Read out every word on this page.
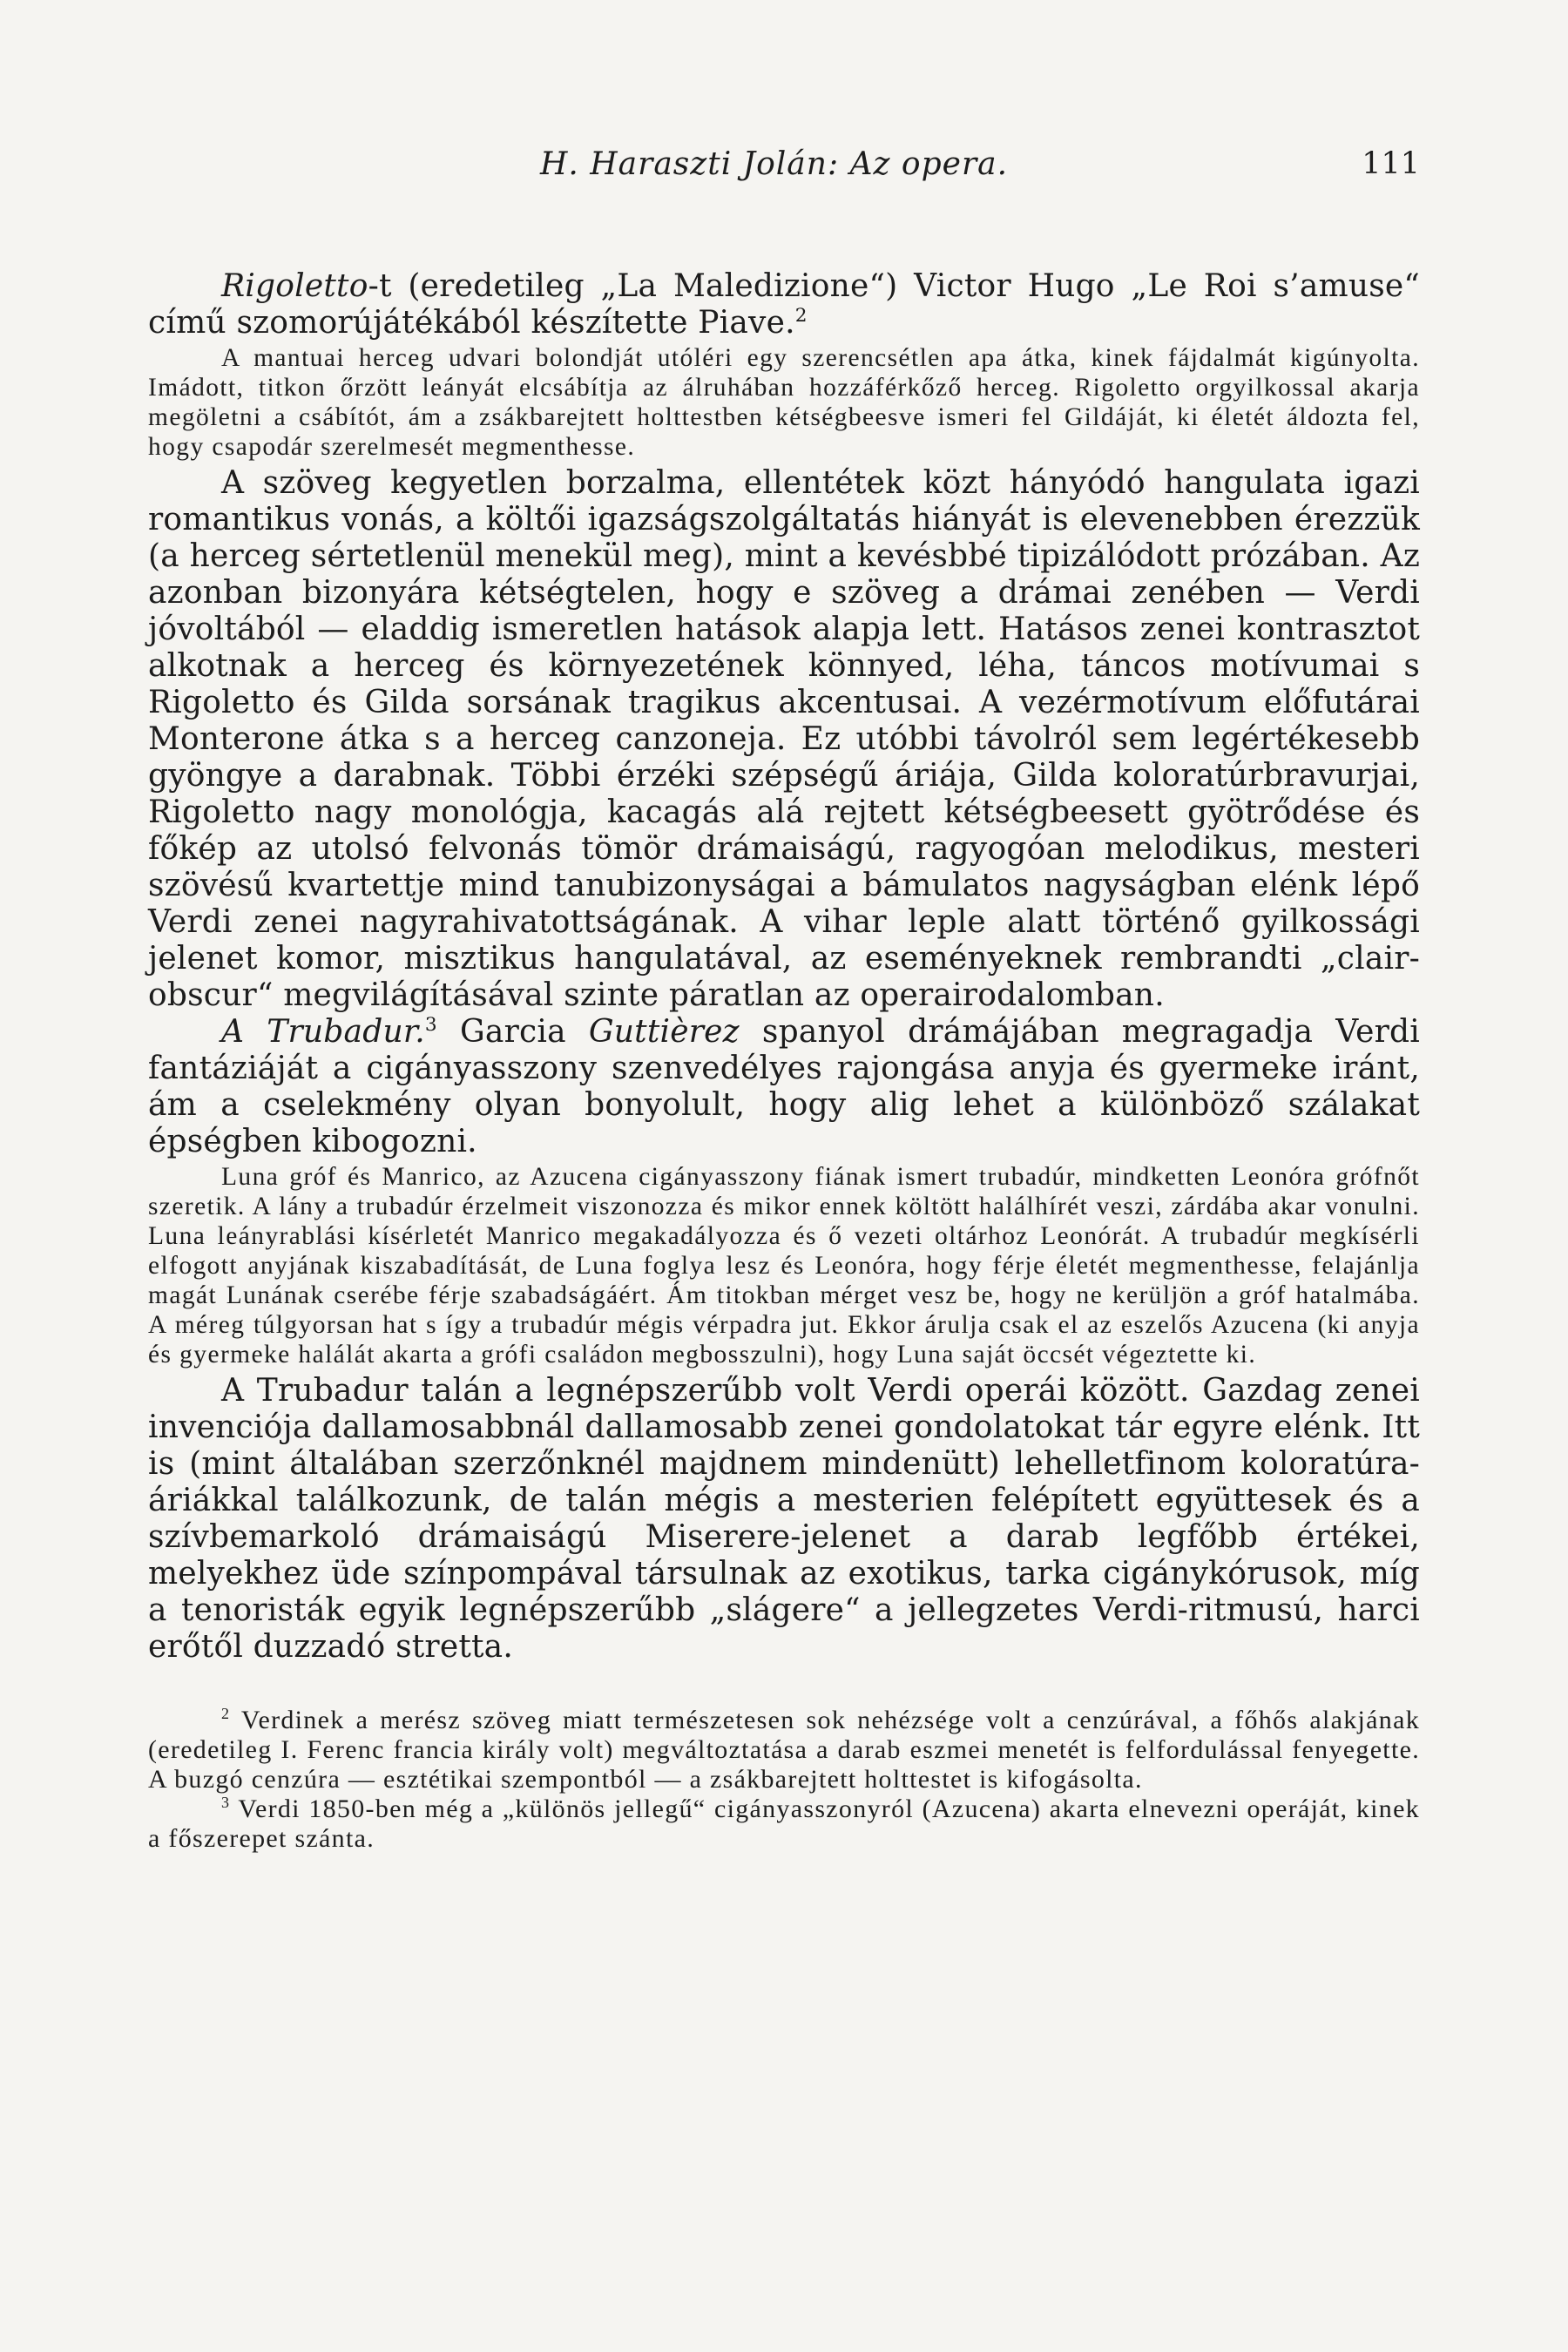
H. Haraszti Jolán: Az opera.	111

Rigoletto-t (eredetileg „La Maledizione“) Victor Hugo „Le Roi s’amuse“ című szomorújátékából készítette Piave.$^2$

A mantuai herceg udvari bolondját utóléri egy szerencsétlen apa átka, kinek fájdalmát kigúnyolta. Imádott, titkon őrzött leányát elcsábítja az álruhában hozzáférkőző herceg. Rigoletto orgyilkossal akarja megöletni a csábítót, ám a zsákbarejtett holttestben kétségbeesve ismeri fel Gildáját, ki életét áldozta fel, hogy csapodár szerelmesét megmenthesse.

A szöveg kegyetlen borzalma, ellentétek közt hányódó hangulata igazi romantikus vonás, a költői igazságszolgáltatás hiányát is elevenebben érezzük (a herceg sértetlenül menekül meg), mint a kevésbbé tipizálódott prózában. Az azonban bizonyára kétségtelen, hogy e szöveg a drámai zenében — Verdi jóvoltából — eladdig ismeretlen hatások alapja lett. Hatásos zenei kontrasztot alkotnak a herceg és környezetének könnyed, léha, táncos motívumai s Rigoletto és Gilda sorsának tragikus akcentusai. A vezérmotívum előfutárai Monterone átka s a herceg canzoneja. Ez utóbbi távolról sem legértékesebb gyöngye a darabnak. Többi érzéki szépségű áriája, Gilda koloratúrbravurjai, Rigoletto nagy monológja, kacagás alá rejtett kétségbeesett gyötrődése és főkép az utolsó felvonás tömör drámaiságú, ragyogóan melodikus, mesteri szövésű kvartettje mind tanubizonyságai a bámulatos nagyságban elénk lépő Verdi zenei nagyrahivatottságának. A vihar leple alatt történő gyilkossági jelenet komor, misztikus hangulatával, az eseményeknek rembrandti „clair-obscur“ megvilágításával szinte páratlan az operairodalomban.

A Trubadur.$^3$ Garcia Guttièrez spanyol drámájában megragadja Verdi fantáziáját a cigányasszony szenvedélyes rajongása anyja és gyermeke iránt, ám a cselekmény olyan bonyolult, hogy alig lehet a különböző szálakat épségben kibogozni.

Luna gróf és Manrico, az Azucena cigányasszony fiának ismert trubadúr, mindketten Leonóra grófnőt szeretik. A lány a trubadúr érzelmeit viszonozza és mikor ennek költött halálhírét veszi, zárdába akar vonulni. Luna leányrablási kísérletét Manrico megakadályozza és ő vezeti oltárhoz Leonórát. A trubadúr megkísérli elfogott anyjának kiszabadítását, de Luna foglya lesz és Leonóra, hogy férje életét megmenthesse, felajánlja magát Lunának cserébe férje szabadságáért. Ám titokban mérget vesz be, hogy ne kerüljön a gróf hatalmába. A méreg túlgyorsan hat s így a trubadúr mégis vérpadra jut. Ekkor árulja csak el az eszelős Azucena (ki anyja és gyermeke halálát akarta a grófi családon megbosszulni), hogy Luna saját öccsét végeztette ki.

A Trubadur talán a legnépszerűbb volt Verdi operái között. Gazdag zenei invenciója dallamosabbnál dallamosabb zenei gondolatokat tár egyre elénk. Itt is (mint általában szerzőnknél majdnem mindenütt) lehelletfinom koloratúra-áriákkal találkozunk, de talán mégis a mesterien felépített együttesek és a szívbemarkoló drámaiságú Miserere-jelenet a darab legfőbb értékei, melyekhez üde színpompával társulnak az exotikus, tarka cigánykórusok, míg a tenoristák egyik legnépszerűbb „slágere“ a jellegzetes Verdi-ritmusú, harci erőtől duzzadó stretta.

$^2$ Verdinek a merész szöveg miatt természetesen sok nehézsége volt a cenzúrával, a főhős alakjának (eredetileg I. Ferenc francia király volt) megváltoztatása a darab eszmei menetét is felfordulással fenyegette. A buzgó cenzúra — esztétikai szempontból — a zsákbarejtett holttestet is kifogásolta.

$^3$ Verdi 1850-ben még a „különös jellegű“ cigányasszonyról (Azucena) akarta elnevezni operáját, kinek a főszerepet szánta.
